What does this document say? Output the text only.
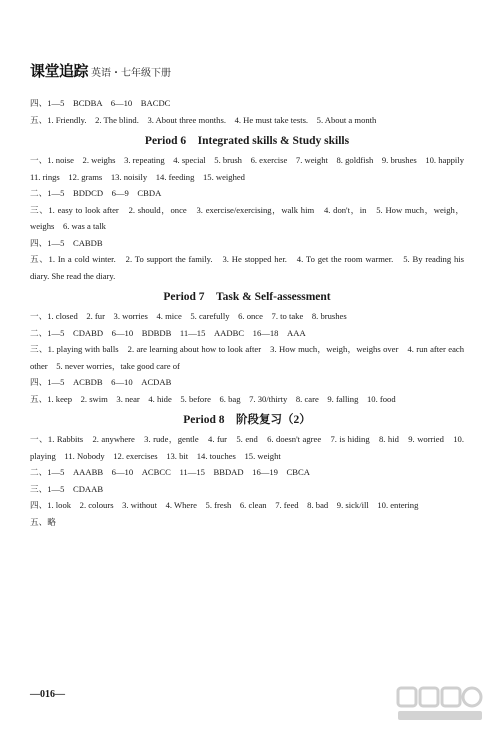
课堂追踪 英语・七年级下册
四、1—5　BCDBA　6—10　BACDC
五、1. Friendly.　2. The blind.　3. About three months.　4. He must take tests.　5. About a month
Period 6　Integrated skills & Study skills
一、1. noise　2. weighs　3. repeating　4. special　5. brush　6. exercise　7. weight　8. goldfish　9. brushes　10. happily　11. rings　12. grams　13. noisily　14. feeding　15. weighed
二、1—5　BDDCD　6—9　CBDA
三、1. easy to look after　2. should，once　3. exercise/exercising，walk him　4. don't，in　5. How much，weigh，weighs　6. was a talk
四、1—5　CABDB
五、1. In a cold winter.　2. To support the family.　3. He stopped her.　4. To get the room warmer.　5. By reading his diary. She read the diary.
Period 7　Task & Self-assessment
一、1. closed　2. fur　3. worries　4. mice　5. carefully　6. once　7. to take　8. brushes
二、1—5　CDABD　6—10　BDBDB　11—15　AADBC　16—18　AAA
三、1. playing with balls　2. are learning about how to look after　3. How much，weigh，weighs over　4. run after each other　5. never worries，take good care of
四、1—5　ACBDB　6—10　ACDAB
五、1. keep　2. swim　3. near　4. hide　5. before　6. bag　7. 30/thirty　8. care　9. falling　10. food
Period 8　阶段复习（2）
一、1. Rabbits　2. anywhere　3. rude，gentle　4. fur　5. end　6. doesn't agree　7. is hiding　8. hid　9. worried　10. playing　11. Nobody　12. exercises　13. bit　14. touches　15. weight
二、1—5　AAABB　6—10　ACBCC　11—15　BBDAD　16—19　CBCA
三、1—5　CDAAB
四、1. look　2. colours　3. without　4. Where　5. fresh　6. clean　7. feed　8. bad　9. sick/ill　10. entering
五、略
—016—
